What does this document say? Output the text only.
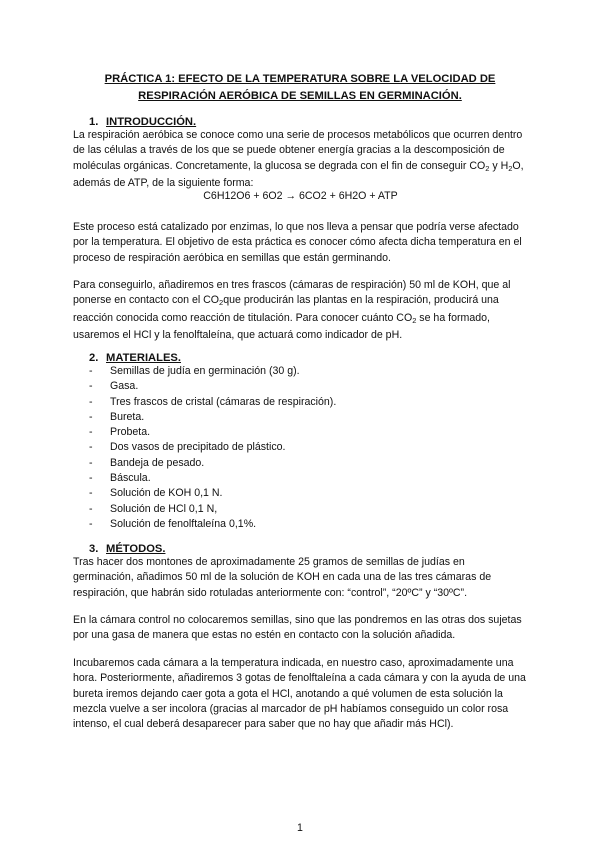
PRÁCTICA 1: EFECTO DE LA TEMPERATURA SOBRE LA VELOCIDAD DE
RESPIRACIÓN AERÓBICA DE SEMILLAS EN GERMINACIÓN.
1. INTRODUCCIÓN.

La respiración aeróbica se conoce como una serie de procesos metabólicos que ocurren dentro de las células a través de los que se puede obtener energía gracias a la descomposición de moléculas orgánicas. Concretamente, la glucosa se degrada con el fin de conseguir $CO_2$ y $H_2O$, además de ATP, de la siguiente forma:

C6H12O6 + 6O2 → 6CO2 + 6H2O + ATP

Este proceso está catalizado por enzimas, lo que nos lleva a pensar que podría verse afectado por la temperatura. El objetivo de esta práctica es conocer cómo afecta dicha temperatura en el proceso de respiración aeróbica en semillas que están germinando.

Para conseguirlo, añadiremos en tres frascos (cámaras de respiración) 50 ml de KOH, que al ponerse en contacto con el $CO_2que$ producirán las plantas en la respiración, producirá una reacción conocida como reacción de titulación. Para conocer cuánto $CO_2$ se ha formado, usaremos el HCl y la fenolftaleína, que actuará como indicador de pH.

2. MATERIALES.
- Semillas de judía en germinación (30 g).
- Gasa.
- Tres frascos de cristal (cámaras de respiración).
- Bureta.
- Probeta.
- Dos vasos de precipitado de plástico.
- Bandeja de pesado.
- Báscula.
- Solución de KOH 0,1 N.
- Solución de HCl 0,1 N,
- Solución de fenolftaleína 0,1%.
3. MÉTODOS.

Tras hacer dos montones de aproximadamente 25 gramos de semillas de judías en germinación, añadimos 50 ml de la solución de KOH en cada una de las tres cámaras de respiración, que habrán sido rotuladas anteriormente con: “control”, “20ºC” y “30ºC”.

En la cámara control no colocaremos semillas, sino que las pondremos en las otras dos sujetas por una gasa de manera que estas no estén en contacto con la solución añadida.

Incubaremos cada cámara a la temperatura indicada, en nuestro caso, aproximadamente una hora. Posteriormente, añadiremos 3 gotas de fenolftaleína a cada cámara y con la ayuda de una bureta iremos dejando caer gota a gota el HCl, anotando a qué volumen de esta solución la mezcla vuelve a ser incolora (gracias al marcador de pH habíamos conseguido un color rosa intenso, el cual deberá desaparecer para saber que no hay que añadir más HCl).

1
